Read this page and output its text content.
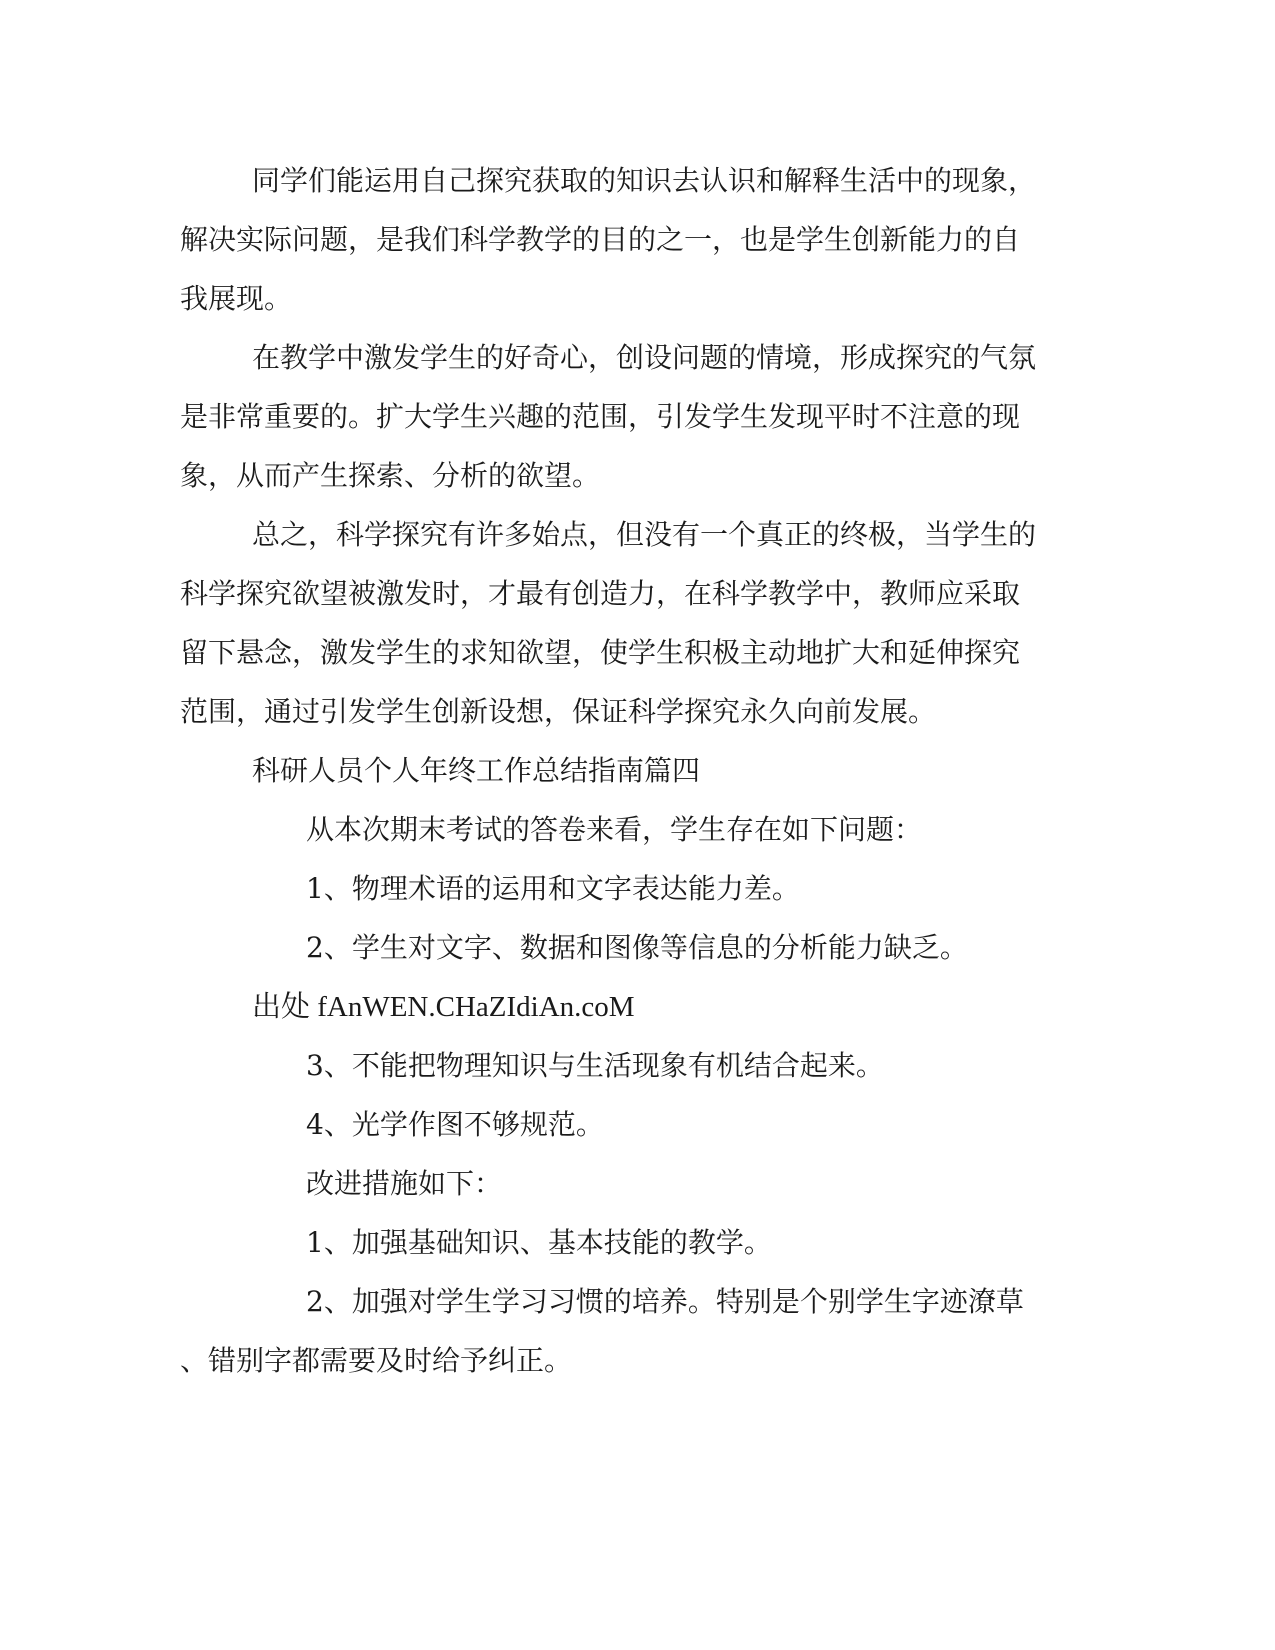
同学们能运用自己探究获取的知识去认识和解释生活中的现象，
解决实际问题，是我们科学教学的目的之一，也是学生创新能力的自
我展现。
在教学中激发学生的好奇心，创设问题的情境，形成探究的气氛
是非常重要的。扩大学生兴趣的范围，引发学生发现平时不注意的现
象，从而产生探索、分析的欲望。
总之，科学探究有许多始点，但没有一个真正的终极，当学生的
科学探究欲望被激发时，才最有创造力，在科学教学中，教师应采取
留下悬念，激发学生的求知欲望，使学生积极主动地扩大和延伸探究
范围，通过引发学生创新设想，保证科学探究永久向前发展。
科研人员个人年终工作总结指南篇四
从本次期末考试的答卷来看，学生存在如下问题：
1、物理术语的运用和文字表达能力差。
2、学生对文字、数据和图像等信息的分析能力缺乏。
出处 fAnWEN.CHaZIdiAn.coM
3、不能把物理知识与生活现象有机结合起来。
4、光学作图不够规范。
改进措施如下：
1、加强基础知识、基本技能的教学。
2、加强对学生学习习惯的培养。特别是个别学生字迹潦草
、错别字都需要及时给予纠正。
